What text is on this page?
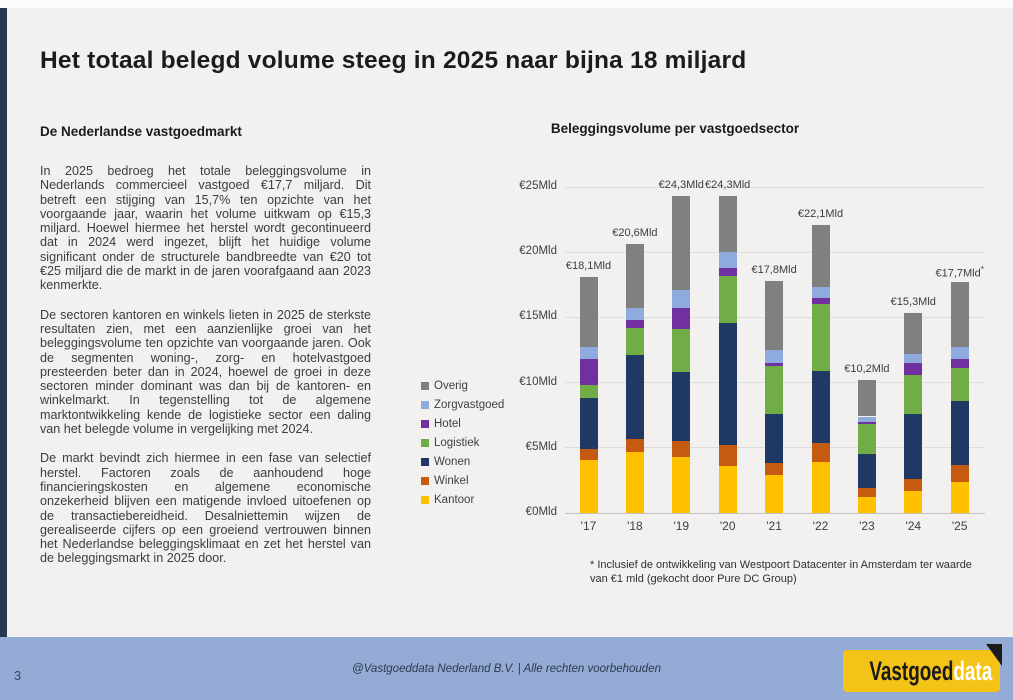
Het totaal belegd volume steeg in 2025 naar bijna 18 miljard
De Nederlandse vastgoedmarkt

In 2025 bedroeg het totale beleggingsvolume in Nederlands commercieel vastgoed €17,7 miljard. Dit betreft een stijging van 15,7% ten opzichte van het voorgaande jaar, waarin het volume uitkwam op €15,3 miljard. Hoewel hiermee het herstel wordt gecontinueerd dat in 2024 werd ingezet, blijft het huidige volume significant onder de structurele bandbreedte van €20 tot €25 miljard die de markt in de jaren voorafgaand aan 2023 kenmerkte.

De sectoren kantoren en winkels lieten in 2025 de sterkste resultaten zien, met een aanzienlijke groei van het beleggingsvolume ten opzichte van voorgaande jaren. Ook de segmenten woning-, zorg- en hotelvastgoed presteerden beter dan in 2024, hoewel de groei in deze sectoren minder dominant was dan bij de kantoren- en winkelmarkt. In tegenstelling tot de algemene marktontwikkeling kende de logistieke sector een daling van het belegde volume in vergelijking met 2024.

De markt bevindt zich hiermee in een fase van selectief herstel. Factoren zoals de aanhoudend hoge financieringskosten en algemene economische onzekerheid blijven een matigende invloed uitoefenen op de transactiebereidheid. Desalniettemin wijzen de gerealiseerde cijfers op een groeiend vertrouwen binnen het Nederlandse beleggingsklimaat en zet het herstel van de beleggingsmarkt in 2025 door.

Beleggingsvolume per vastgoedsector
€0Mld
€5Mld
€10Mld
€15Mld
€20Mld
€25Mld
€18,1Mld
'17
€20,6Mld
'18
€24,3Mld
'19
€24,3Mld
'20
€17,8Mld
'21
€22,1Mld
'22
€10,2Mld
'23
€15,3Mld
'24
€17,7Mld*
'25
Overig
Zorgvastgoed
Hotel
Logistiek
Wonen
Winkel
Kantoor
* Inclusief de ontwikkeling van Westpoort Datacenter in Amsterdam ter waarde
van €1 mld (gekocht door Pure DC Group)
3	@Vastgoeddata Nederland B.V. | Alle rechten voorbehouden	Vastgoeddata
